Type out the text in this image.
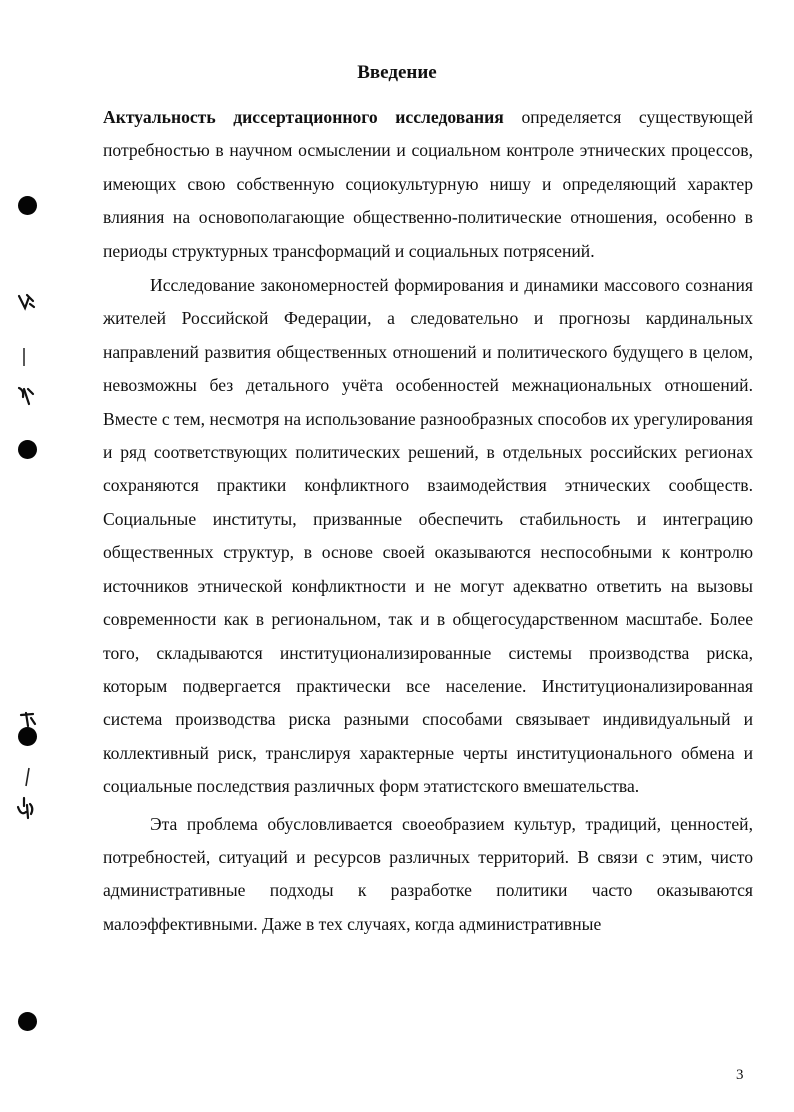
Введение

Актуальность диссертационного исследования определяется существующей потребностью в научном осмыслении и социальном контроле этнических процессов, имеющих свою собственную социокультурную нишу и определяющий характер влияния на основополагающие общественно-политические отношения, особенно в периоды структурных трансформаций и социальных потрясений.

Исследование закономерностей формирования и динамики массового сознания жителей Российской Федерации, а следовательно и прогнозы кардинальных направлений развития общественных отношений и политического будущего в целом, невозможны без детального учёта особенностей межнациональных отношений. Вместе с тем, несмотря на использование разнообразных способов их урегулирования и ряд соответствующих политических решений, в отдельных российских регионах сохраняются практики конфликтного взаимодействия этнических сообществ. Социальные институты, призванные обеспечить стабильность и интеграцию общественных структур, в основе своей оказываются неспособными к контролю источников этнической конфликтности и не могут адекватно ответить на вызовы современности как в региональном, так и в общегосударственном масштабе. Более того, складываются институционализированные системы производства риска, которым подвергается практически все население. Институционализированная система производства риска разными способами связывает индивидуальный и коллективный риск, транслируя характерные черты институционального обмена и социальные последствия различных форм этатистского вмешательства.

Эта проблема обусловливается своеобразием культур, традиций, ценностей, потребностей, ситуаций и ресурсов различных территорий. В связи с этим, чисто административные подходы к разработке политики часто оказываются малоэффективными. Даже в тех случаях, когда административные

3
